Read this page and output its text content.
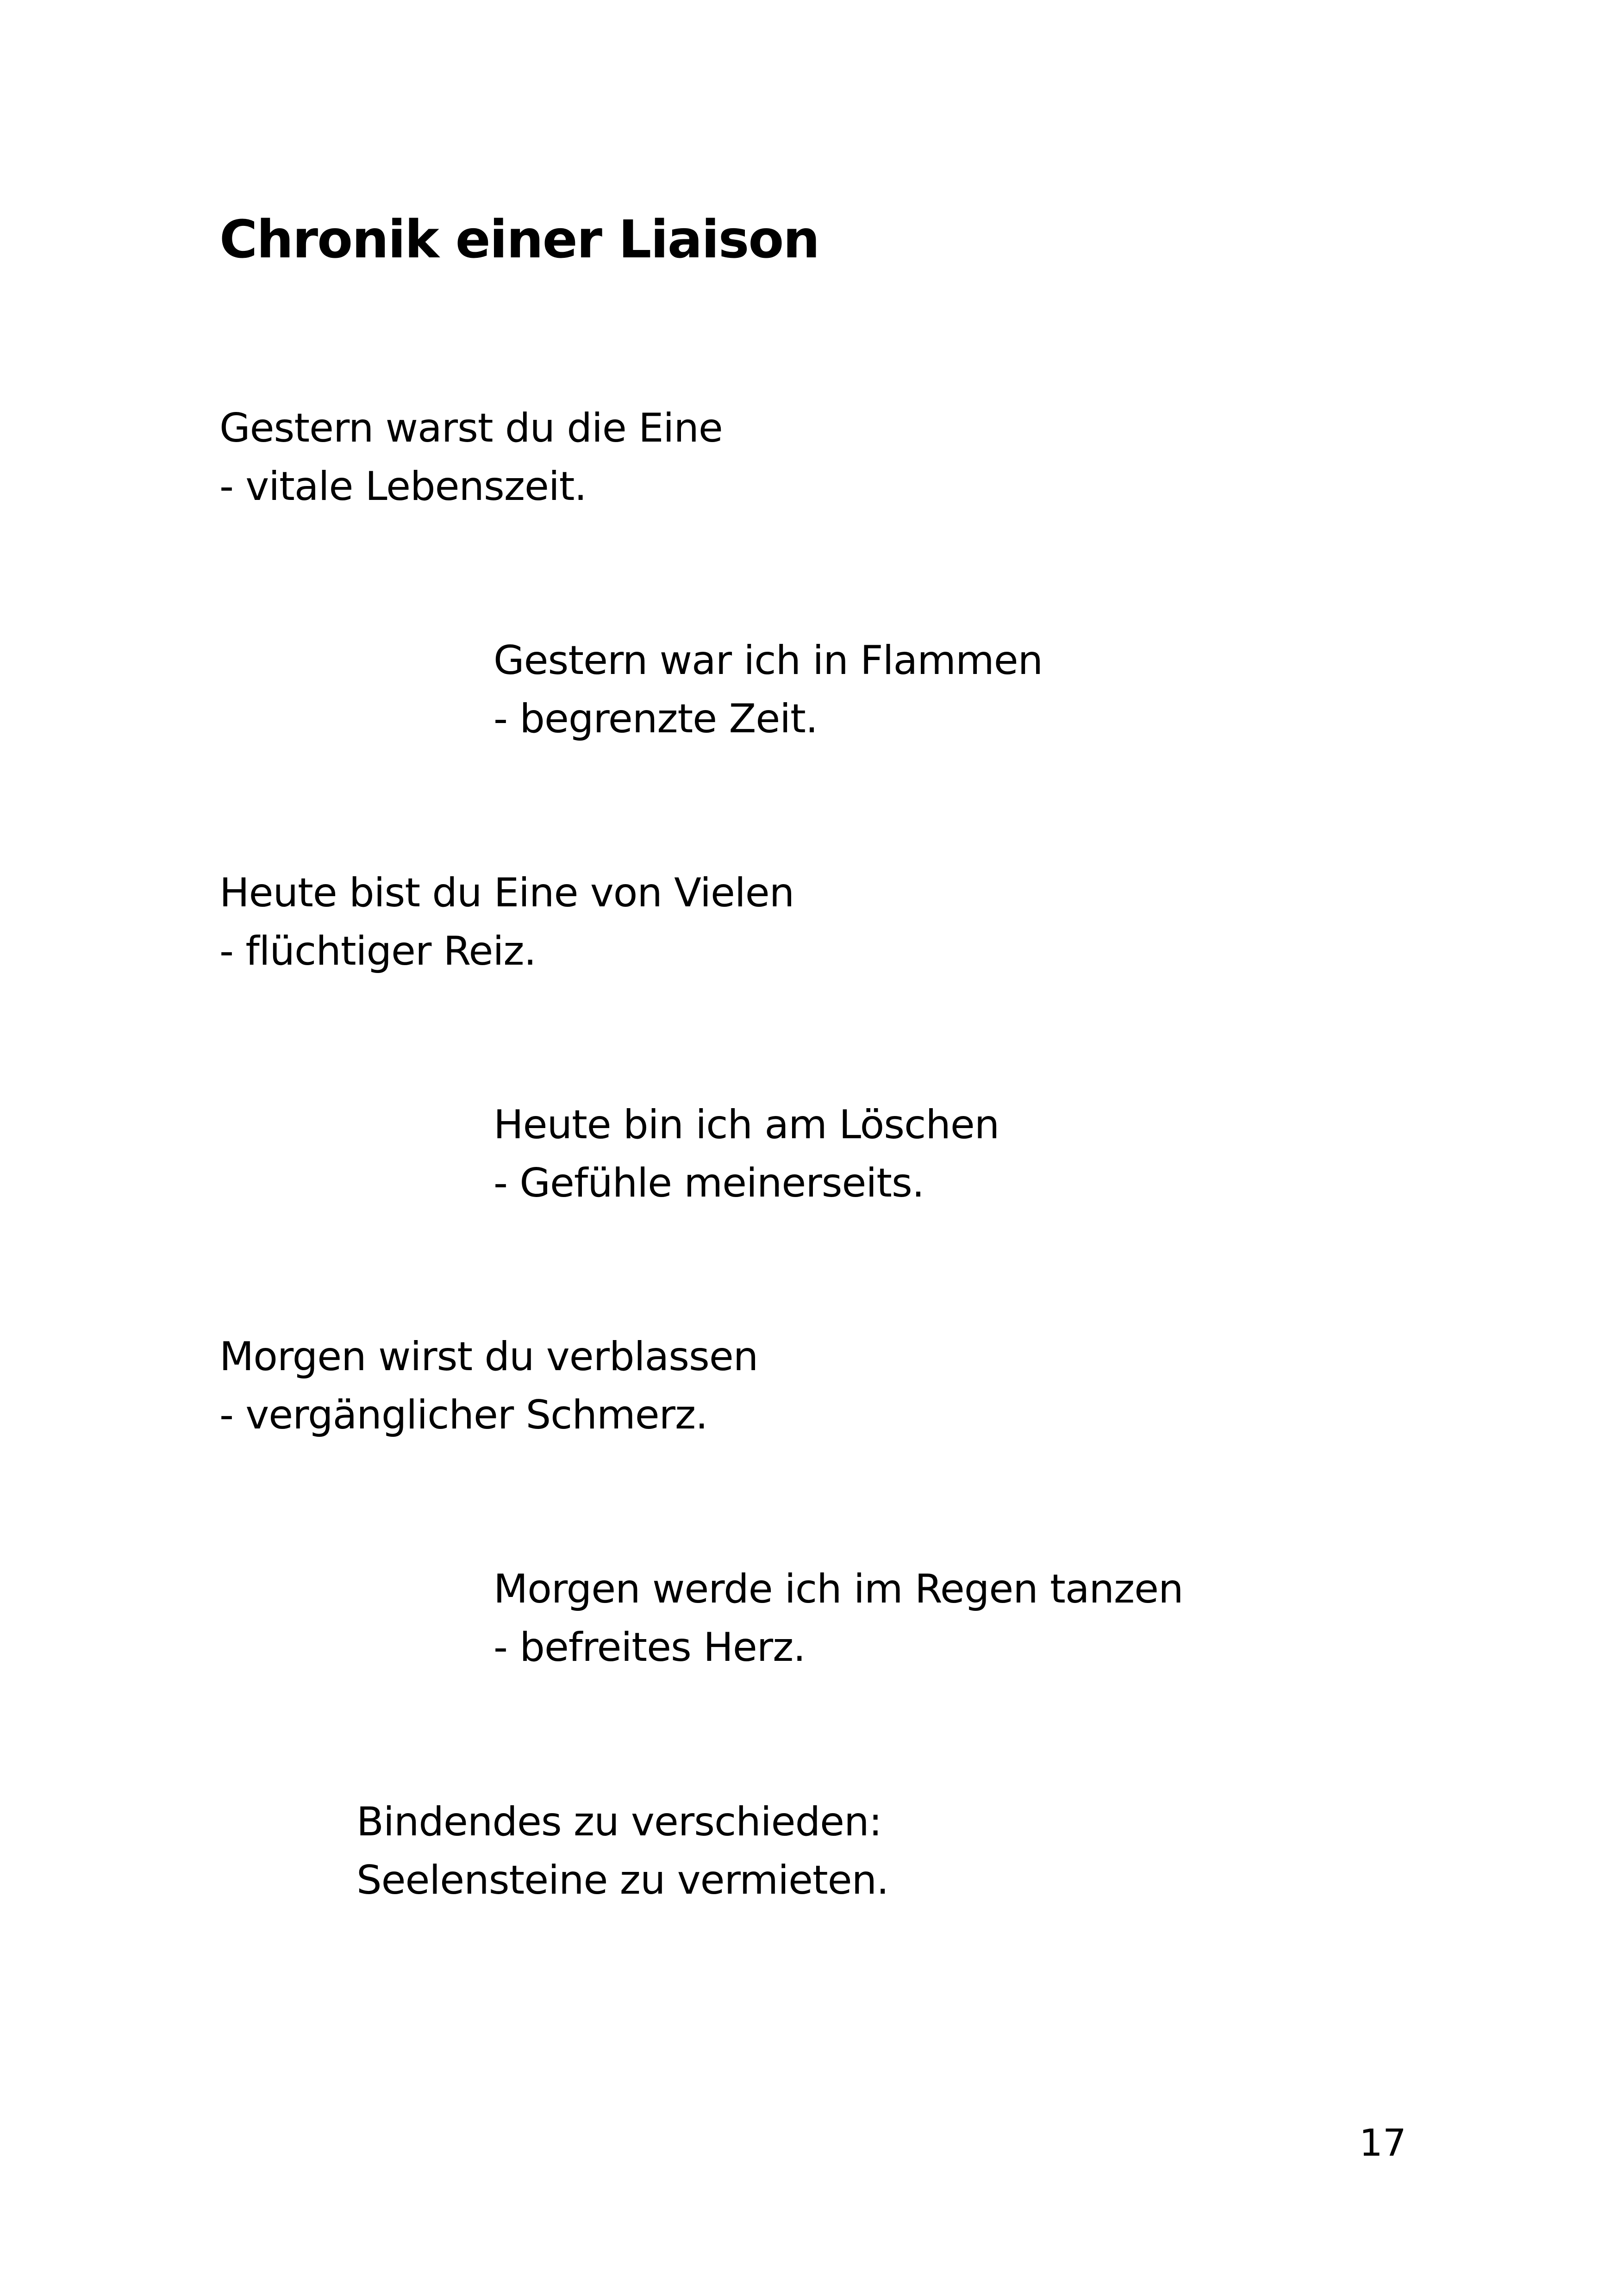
Chronik einer Liaison
Gestern warst du die Eine
- vitale Lebenszeit.
Gestern war ich in Flammen
- begrenzte Zeit.
Heute bist du Eine von Vielen
- flüchtiger Reiz.
Heute bin ich am Löschen
- Gefühle meinerseits.
Morgen wirst du verblassen
- vergänglicher Schmerz.
Morgen werde ich im Regen tanzen
- befreites Herz.
Bindendes zu verschieden:
Seelensteine zu vermieten.

17
